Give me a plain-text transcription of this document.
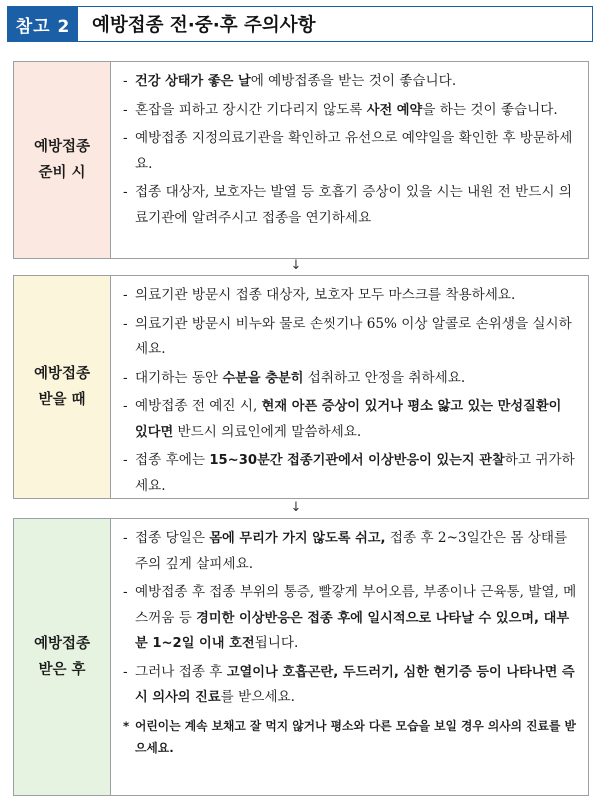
참고 2	예방접종 전·중·후 주의사항
예방접종
준비 시
- 건강 상태가 좋은 날에 예방접종을 받는 것이 좋습니다.
- 혼잡을 피하고 장시간 기다리지 않도록 사전 예약을 하는 것이 좋습니다.
- 예방접종 지정의료기관을 확인하고 유선으로 예약일을 확인한 후 방문하세요.
- 접종 대상자, 보호자는 발열 등 호흡기 증상이 있을 시는 내원 전 반드시 의료기관에 알려주시고 접종을 연기하세요
↓
예방접종
받을 때
- 의료기관 방문시 접종 대상자, 보호자 모두 마스크를 착용하세요.
- 의료기관 방문시 비누와 물로 손씻기나 65% 이상 알콜로 손위생을 실시하세요.
- 대기하는 동안 수분을 충분히 섭취하고 안정을 취하세요.
- 예방접종 전 예진 시, 현재 아픈 증상이 있거나 평소 앓고 있는 만성질환이 있다면 반드시 의료인에게 말씀하세요.
- 접종 후에는 15~30분간 접종기관에서 이상반응이 있는지 관찰하고 귀가하세요.
↓
예방접종
받은 후
- 접종 당일은 몸에 무리가 가지 않도록 쉬고, 접종 후 2~3일간은 몸 상태를 주의 깊게 살피세요.
- 예방접종 후 접종 부위의 통증, 빨갛게 부어오름, 부종이나 근육통, 발열, 메스꺼움 등 경미한 이상반응은 접종 후에 일시적으로 나타날 수 있으며, 대부분 1~2일 이내 호전됩니다.
- 그러나 접종 후 고열이나 호흡곤란, 두드러기, 심한 현기증 등이 나타나면 즉시 의사의 진료를 받으세요.
* 어린이는 계속 보채고 잘 먹지 않거나 평소와 다른 모습을 보일 경우 의사의 진료를 받으세요.
